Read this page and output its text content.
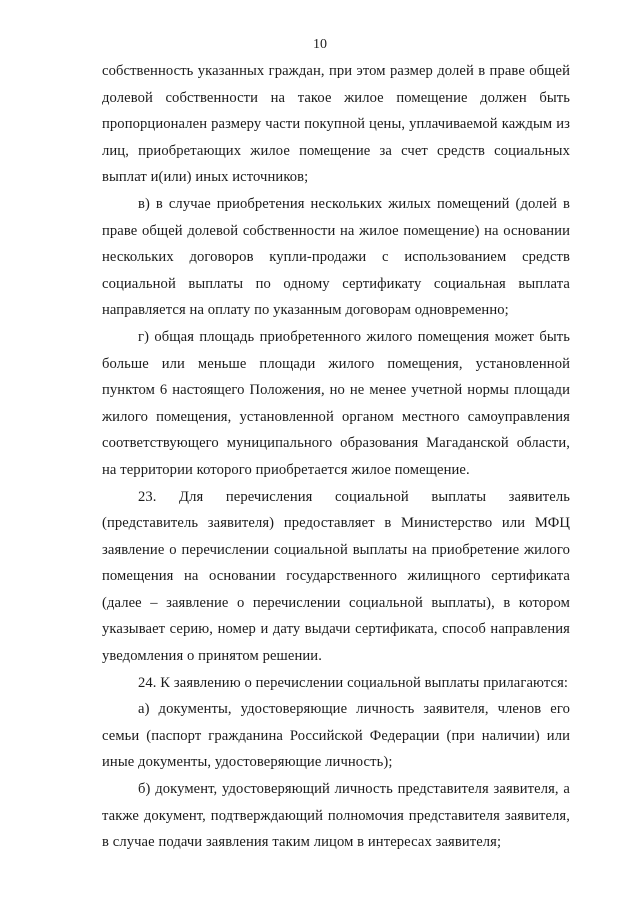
10

собственность указанных граждан, при этом размер долей в праве общей долевой собственности на такое жилое помещение должен быть пропорционален размеру части покупной цены, уплачиваемой каждым из лиц, приобретающих жилое помещение за счет средств социальных выплат и(или) иных источников;

в) в случае приобретения нескольких жилых помещений (долей в праве общей долевой собственности на жилое помещение) на основании нескольких договоров купли-продажи с использованием средств социальной выплаты по одному сертификату социальная выплата направляется на оплату по указанным договорам одновременно;

г) общая площадь приобретенного жилого помещения может быть больше или меньше площади жилого помещения, установленной пунктом 6 настоящего Положения, но не менее учетной нормы площади жилого помещения, установленной органом местного самоуправления соответствующего муниципального образования Магаданской области, на территории которого приобретается жилое помещение.

23. Для перечисления социальной выплаты заявитель (представитель заявителя) предоставляет в Министерство или МФЦ заявление о перечислении социальной выплаты на приобретение жилого помещения на основании государственного жилищного сертификата (далее – заявление о перечислении социальной выплаты), в котором указывает серию, номер и дату выдачи сертификата, способ направления уведомления о принятом решении.

24. К заявлению о перечислении социальной выплаты прилагаются:

а) документы, удостоверяющие личность заявителя, членов его семьи (паспорт гражданина Российской Федерации (при наличии) или иные документы, удостоверяющие личность);

б) документ, удостоверяющий личность представителя заявителя, а также документ, подтверждающий полномочия представителя заявителя, в случае подачи заявления таким лицом в интересах заявителя;
